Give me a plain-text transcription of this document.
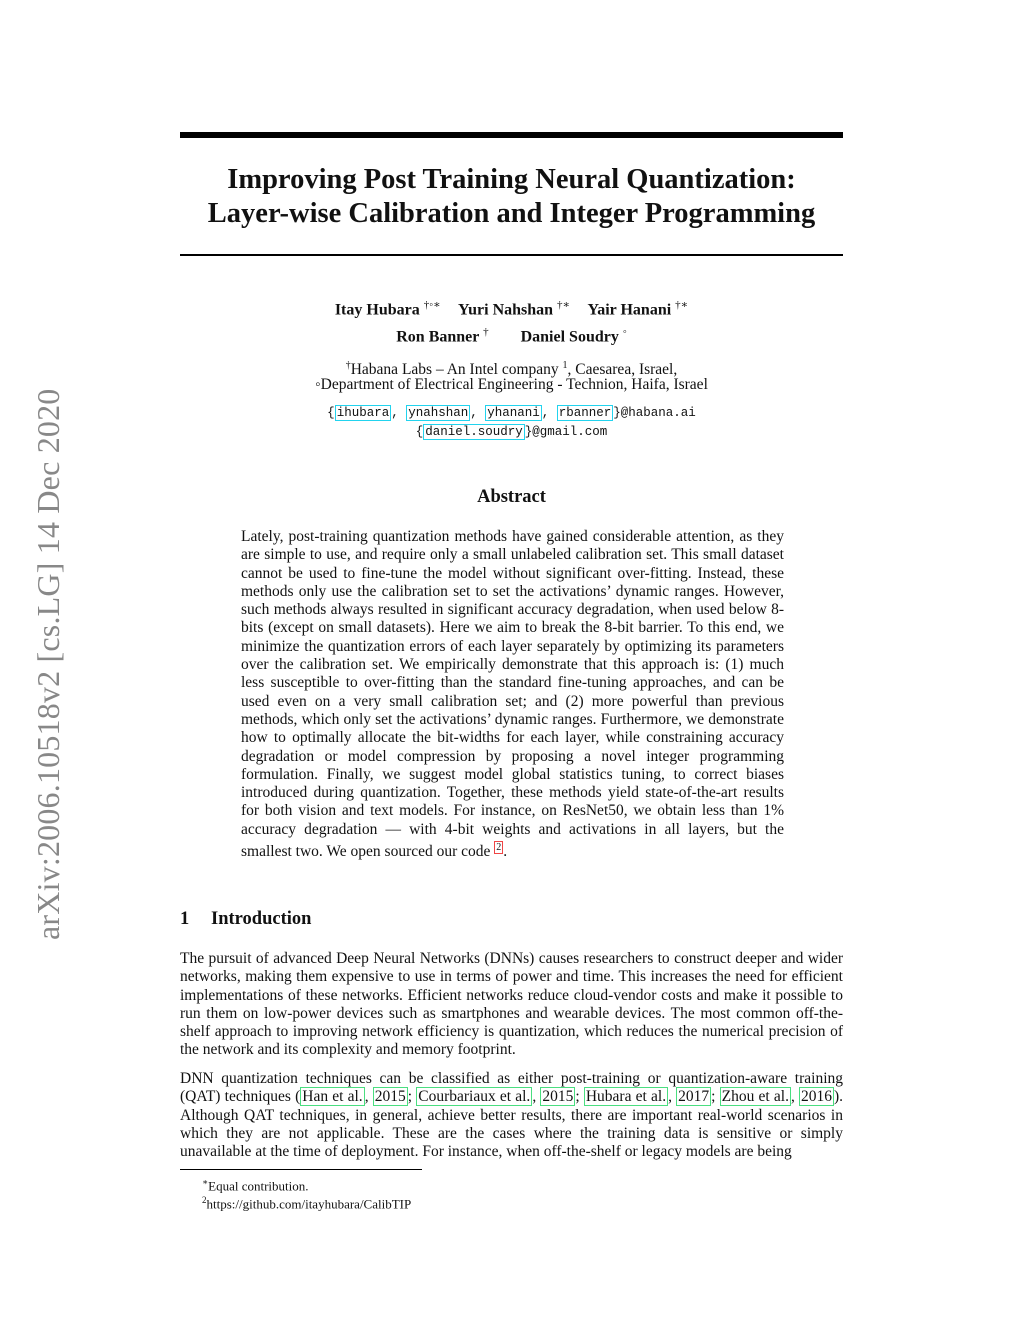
arXiv:2006.10518v2 [cs.LG] 14 Dec 2020
Improving Post Training Neural Quantization:
Layer-wise Calibration and Integer Programming
Itay Hubara †◦∗ Yuri Nahshan †∗ Yair Hanani †∗
Ron Banner † Daniel Soudry ◦
†Habana Labs – An Intel company $^1$, Caesarea, Israel,
◦Department of Electrical Engineering - Technion, Haifa, Israel
{ ihubara , ynahshan , yhanani , rbanner }@habana.ai
{ daniel.soudry }@gmail.com
Abstract
Lately, post-training quantization methods have gained considerable attention, as they are simple to use, and require only a small unlabeled calibration set. This small dataset cannot be used to fine-tune the model without significant over-fitting. Instead, these methods only use the calibration set to set the activations’ dynamic ranges. However, such methods always resulted in significant accuracy degradation, when used below 8-bits (except on small datasets). Here we aim to break the 8-bit barrier. To this end, we minimize the quantization errors of each layer separately by optimizing its parameters over the calibration set. We empirically demonstrate that this approach is: (1) much less susceptible to over-fitting than the standard fine-tuning approaches, and can be used even on a very small calibration set; and (2) more powerful than previous methods, which only set the activations’ dynamic ranges. Furthermore, we demonstrate how to optimally allocate the bit-widths for each layer, while constraining accuracy degradation or model compression by proposing a novel integer programming formulation. Finally, we suggest model global statistics tuning, to correct biases introduced during quantization. Together, these methods yield state-of-the-art results for both vision and text models. For instance, on ResNet50, we obtain less than 1% accuracy degradation — with 4-bit weights and activations in all layers, but the smallest two. We open sourced our code $^2$ .
1 Introduction
The pursuit of advanced Deep Neural Networks (DNNs) causes researchers to construct deeper and wider networks, making them expensive to use in terms of power and time. This increases the need for efficient implementations of these networks. Efficient networks reduce cloud-vendor costs and make it possible to run them on low-power devices such as smartphones and wearable devices. The most common off-the-shelf approach to improving network efficiency is quantization, which reduces the numerical precision of the network and its complexity and memory footprint.
DNN quantization techniques can be classified as either post-training or quantization-aware training (QAT) techniques ( Han et al. , 2015 ; Courbariaux et al. , 2015 ; Hubara et al. , 2017 ; Zhou et al. , 2016 ). Although QAT techniques, in general, achieve better results, there are important real-world scenarios in which they are not applicable. These are the cases where the training data is sensitive or simply unavailable at the time of deployment. For instance, when off-the-shelf or legacy models are being
∗Equal contribution.
$^2$https://github.com/itayhubara/CalibTIP
